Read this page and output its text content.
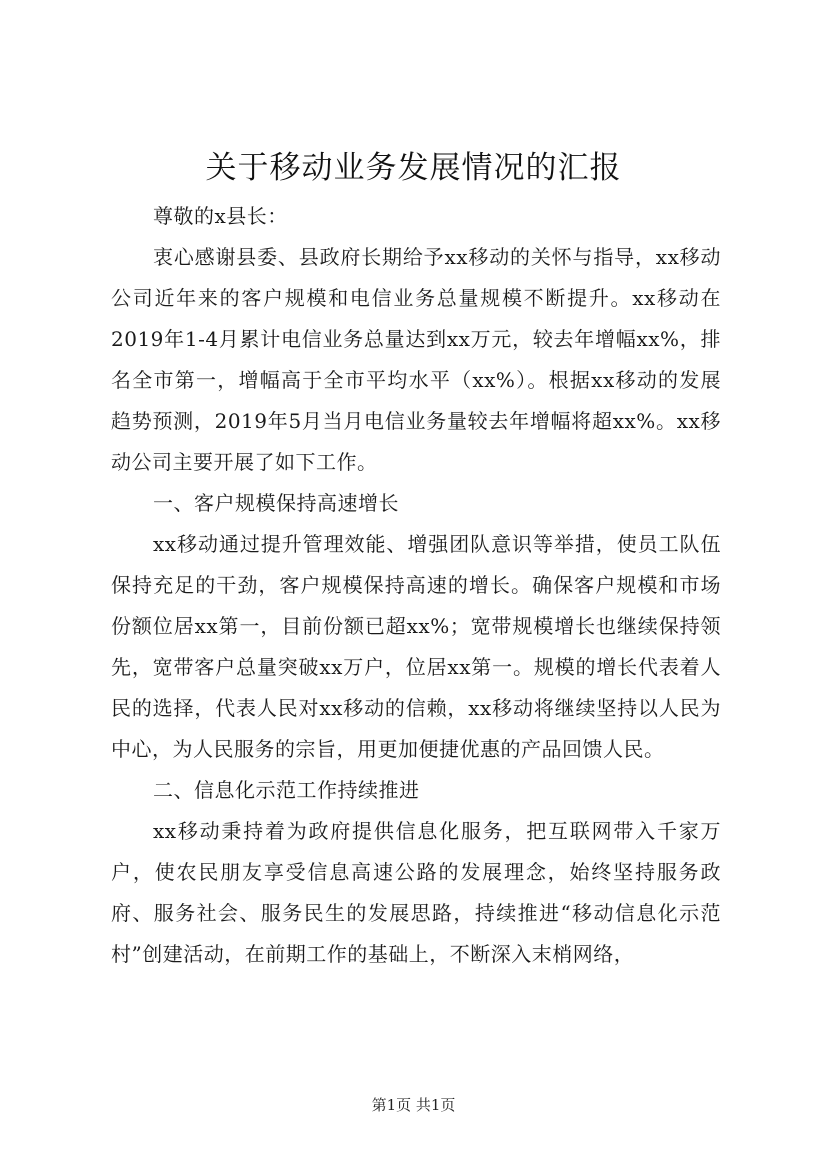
关于移动业务发展情况的汇报

尊敬的x县长：

衷心感谢县委、县政府长期给予xx移动的关怀与指导，xx移动公司近年来的客户规模和电信业务总量规模不断提升。xx移动在2019年1-4月累计电信业务总量达到xx万元，较去年增幅xx%，排名全市第一，增幅高于全市平均水平（xx%）。根据xx移动的发展趋势预测，2019年5月当月电信业务量较去年增幅将超xx%。xx移动公司主要开展了如下工作。

一、客户规模保持高速增长

xx移动通过提升管理效能、增强团队意识等举措，使员工队伍保持充足的干劲，客户规模保持高速的增长。确保客户规模和市场份额位居xx第一，目前份额已超xx%；宽带规模增长也继续保持领先，宽带客户总量突破xx万户，位居xx第一。规模的增长代表着人民的选择，代表人民对xx移动的信赖，xx移动将继续坚持以人民为中心，为人民服务的宗旨，用更加便捷优惠的产品回馈人民。

二、信息化示范工作持续推进

xx移动秉持着为政府提供信息化服务，把互联网带入千家万户，使农民朋友享受信息高速公路的发展理念，始终坚持服务政府、服务社会、服务民生的发展思路，持续推进“移动信息化示范村”创建活动，在前期工作的基础上，不断深入末梢网络，

第1页 共1页
